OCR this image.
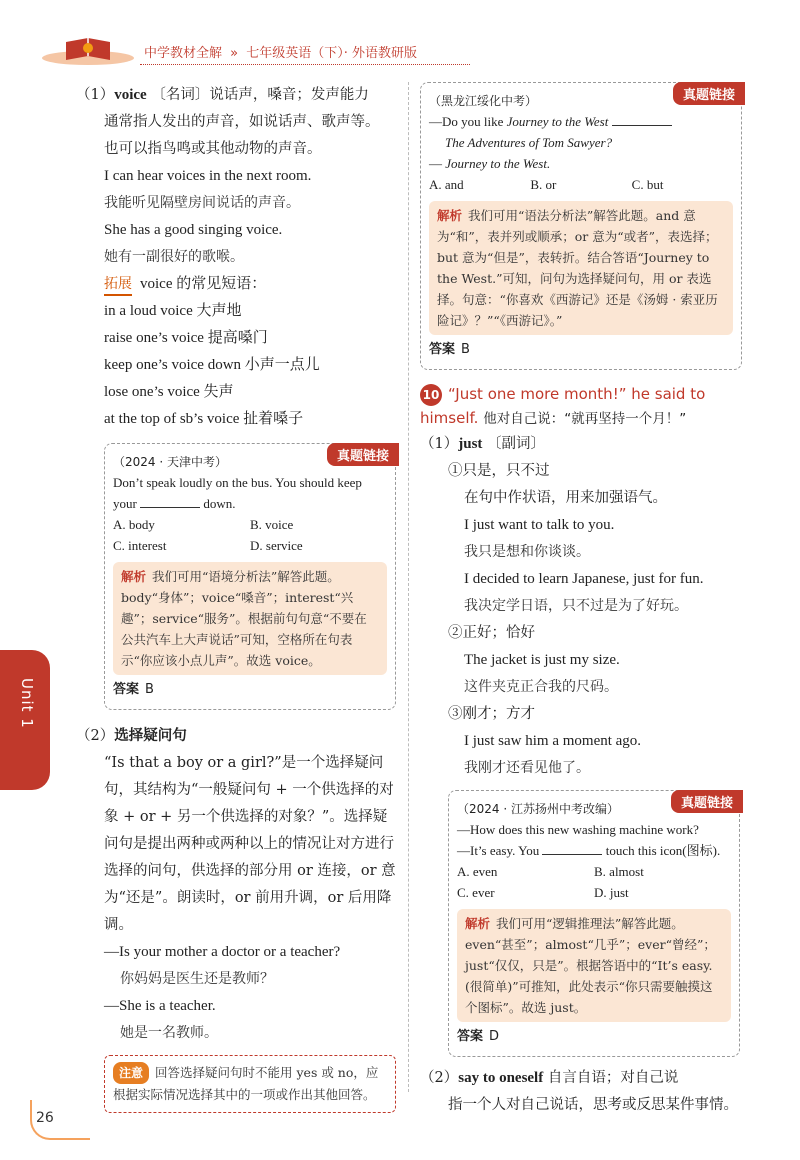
中学教材全解 » 七年级英语（下）· 外语教研版
（1）voice 〔名词〕说话声，嗓音；发声能力
通常指人发出的声音，如说话声、歌声等。
也可以指鸟鸣或其他动物的声音。
I can hear voices in the next room.
我能听见隔壁房间说话的声音。
She has a good singing voice.
她有一副很好的歌喉。
拓展 voice 的常见短语：
in a loud voice 大声地
raise one’s voice 提高嗓门
keep one’s voice down 小声一点儿
lose one’s voice 失声
at the top of sb’s voice 扯着嗓子
真题链接
（2024 · 天津中考）
Don’t speak loudly on the bus. You should keep
your	down.
A. body	B. voice
C. interest	D. service
解析 我们可用“语境分析法”解答此题。body“身体”；voice“嗓音”；interest“兴趣”；service“服务”。根据前句句意“不要在公共汽车上大声说话”可知，空格所在句表示“你应该小点儿声”。故选 voice。
答案 B
（2）选择疑问句
“Is that a boy or a girl?”是一个选择疑问句，其结构为“一般疑问句 + 一个供选择的对象 + or + 另一个供选择的对象？”。选择疑问句是提出两种或两种以上的情况让对方进行选择的问句，供选择的部分用 or 连接，or 意为“还是”。朗读时，or 前用升调，or 后用降调。
—Is your mother a doctor or a teacher?
你妈妈是医生还是教师？
—She is a teacher.
她是一名教师。
注意 回答选择疑问句时不能用 yes 或 no，应根据实际情况选择其中的一项或作出其他回答。
真题链接
（黑龙江绥化中考）
—Do you like Journey to the West
The Adventures of Tom Sawyer?
— Journey to the West.
A. and	B. or	C. but
解析 我们可用“语法分析法”解答此题。and 意为“和”，表并列或顺承；or 意为“或者”，表选择；but 意为“但是”，表转折。结合答语“Journey to the West.”可知，问句为选择疑问句，用 or 表选择。句意：“你喜欢《西游记》还是《汤姆 · 索亚历险记》？”“《西游记》。”
答案 B
10 “Just one more month!” he said to himself. 他对自己说：“就再坚持一个月！”
（1）just 〔副词〕
①只是，只不过
在句中作状语，用来加强语气。
I just want to talk to you.
我只是想和你谈谈。
I decided to learn Japanese, just for fun.
我决定学日语，只不过是为了好玩。
②正好；恰好
The jacket is just my size.
这件夹克正合我的尺码。
③刚才；方才
I just saw him a moment ago.
我刚才还看见他了。
真题链接
（2024 · 江苏扬州中考改编）
—How does this new washing machine work?
—It’s easy. You	touch this icon(图标).
A. even	B. almost
C. ever	D. just
解析 我们可用“逻辑推理法”解答此题。even“甚至”；almost“几乎”；ever“曾经”；just“仅仅，只是”。根据答语中的“It’s easy.(很简单)”可推知，此处表示“你只需要触摸这个图标”。故选 just。
答案 D
（2）say to oneself 自言自语；对自己说
指一个人对自己说话，思考或反思某件事情。
Unit 1
26
